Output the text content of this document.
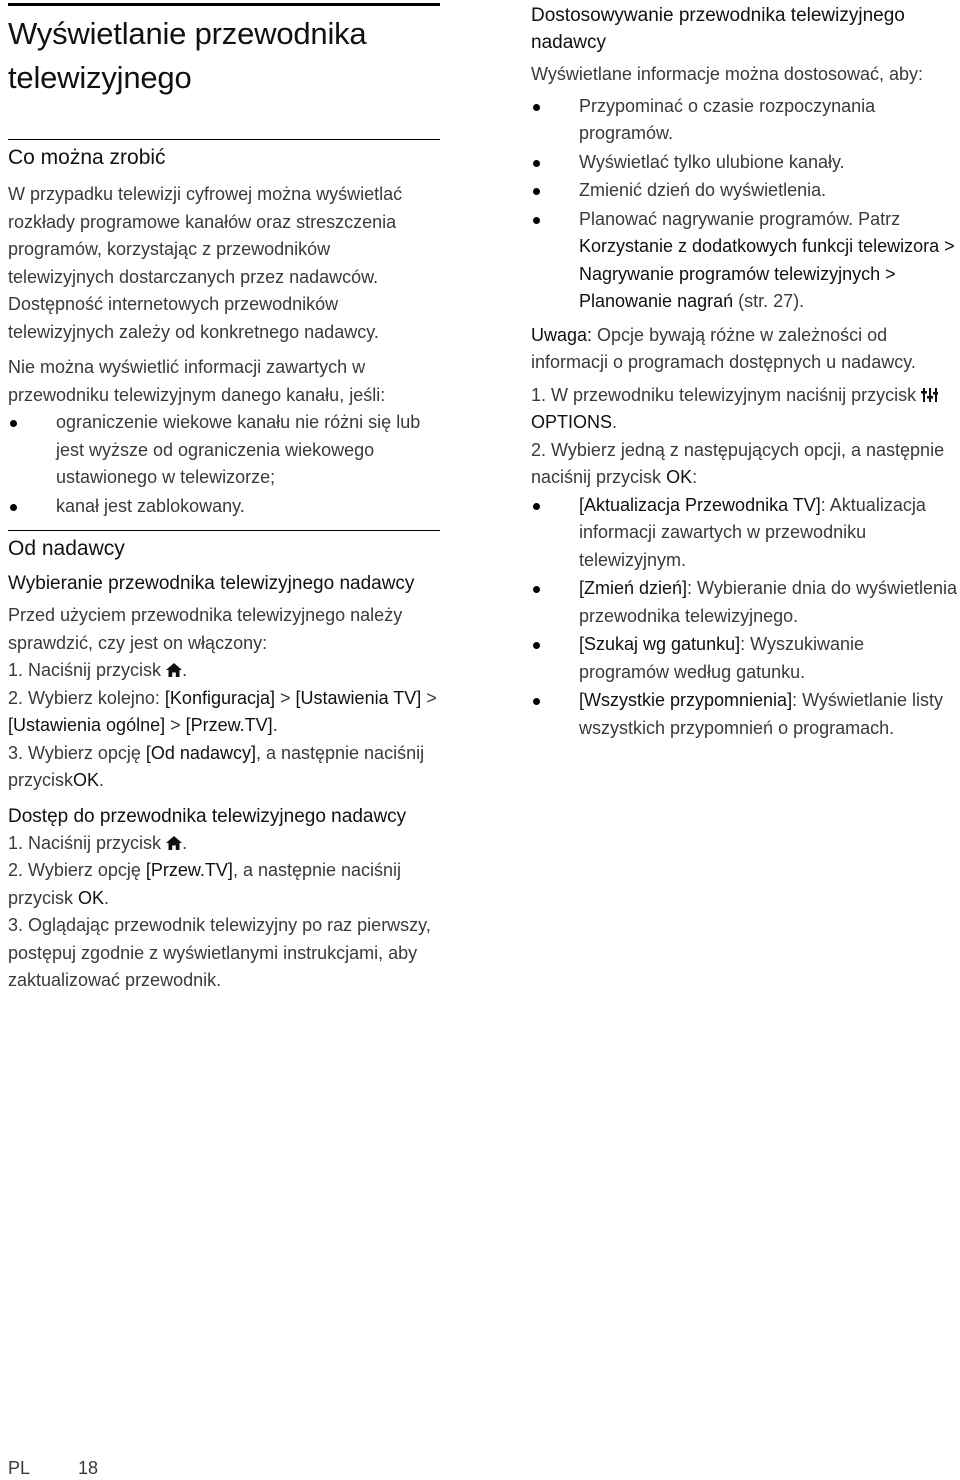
Wyświetlanie przewodnika telewizyjnego
Co można zrobić

W przypadku telewizji cyfrowej można wyświetlać rozkłady programowe kanałów oraz streszczenia programów, korzystając z przewodników telewizyjnych dostarczanych przez nadawców. Dostępność internetowych przewodników telewizyjnych zależy od konkretnego nadawcy.

Nie można wyświetlić informacji zawartych w przewodniku telewizyjnym danego kanału, jeśli:

ograniczenie wiekowe kanału nie różni się lub jest wyższe od ograniczenia wiekowego ustawionego w telewizorze;
kanał jest zablokowany.
Od nadawcy

Wybieranie przewodnika telewizyjnego nadawcy

Przed użyciem przewodnika telewizyjnego należy sprawdzić, czy jest on włączony:

1. Naciśnij przycisk .

2. Wybierz kolejno: [Konfiguracja] > [Ustawienia TV] > [Ustawienia ogólne] > [Przew.TV].

3. Wybierz opcję [Od nadawcy], a następnie naciśnij przyciskOK.

Dostęp do przewodnika telewizyjnego nadawcy

1. Naciśnij przycisk .

2. Wybierz opcję [Przew.TV], a następnie naciśnij przycisk OK.

3. Oglądając przewodnik telewizyjny po raz pierwszy, postępuj zgodnie z wyświetlanymi instrukcjami, aby zaktualizować przewodnik.

Dostosowywanie przewodnika telewizyjnego nadawcy

Wyświetlane informacje można dostosować, aby:

Przypominać o czasie rozpoczynania programów.
Wyświetlać tylko ulubione kanały.
Zmienić dzień do wyświetlenia.
Planować nagrywanie programów. Patrz Korzystanie z dodatkowych funkcji telewizora > Nagrywanie programów telewizyjnych > Planowanie nagrań (str. 27).

Uwaga: Opcje bywają różne w zależności od informacji o programach dostępnych u nadawcy.

1. W przewodniku telewizyjnym naciśnij przycisk  OPTIONS.

2. Wybierz jedną z następujących opcji, a następnie naciśnij przycisk OK:

[Aktualizacja Przewodnika TV]: Aktualizacja informacji zawartych w przewodniku telewizyjnym.
[Zmień dzień]: Wybieranie dnia do wyświetlenia przewodnika telewizyjnego.
[Szukaj wg gatunku]: Wyszukiwanie programów według gatunku.
[Wszystkie przypomnienia]: Wyświetlanie listy wszystkich przypomnień o programach.
PL	18
